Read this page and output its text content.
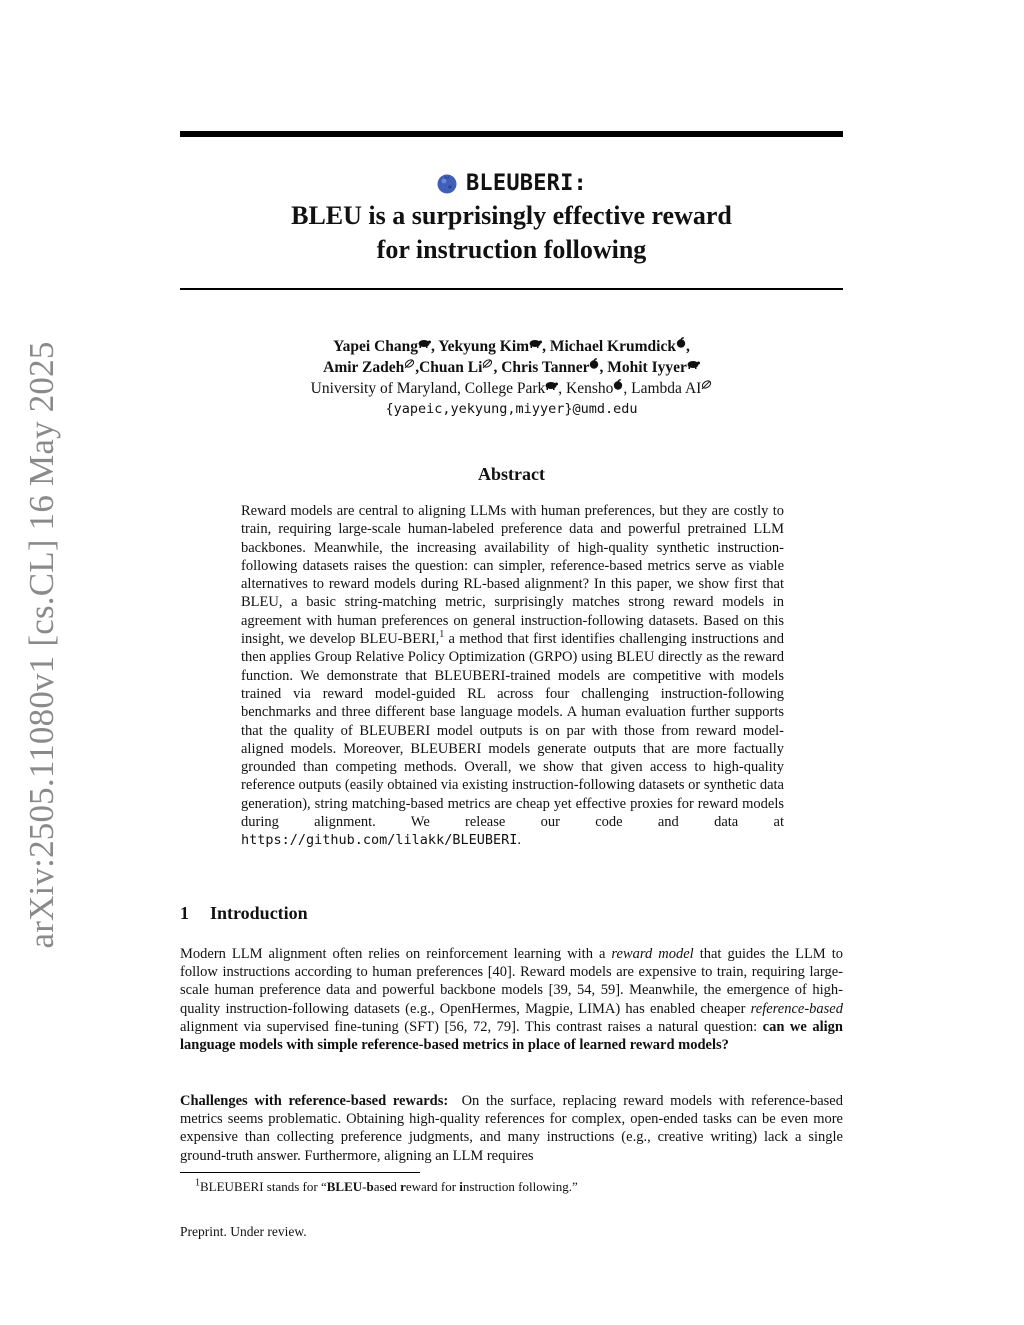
arXiv:2505.11080v1 [cs.CL] 16 May 2025
BLEUBERI:
BLEU is a surprisingly effective reward
for instruction following
Yapei Chang , Yekyung Kim , Michael Krumdick ,
Amir Zadeh ,Chuan Li , Chris Tanner , Mohit Iyyer
University of Maryland, College Park , Kensho , Lambda AI
{yapeic,yekyung,miyyer}@umd.edu
Abstract
Reward models are central to aligning LLMs with human preferences, but they are costly to train, requiring large-scale human-labeled preference data and powerful pretrained LLM backbones. Meanwhile, the increasing availability of high-quality synthetic instruction-following datasets raises the question: can simpler, reference-based metrics serve as viable alternatives to reward models during RL-based alignment? In this paper, we show first that BLEU, a basic string-matching metric, surprisingly matches strong reward models in agreement with human preferences on general instruction-following datasets. Based on this insight, we develop BLEU-BERI,$^1$ a method that first identifies challenging instructions and then applies Group Relative Policy Optimization (GRPO) using BLEU directly as the reward function. We demonstrate that BLEUBERI-trained models are competitive with models trained via reward model-guided RL across four challenging instruction-following benchmarks and three different base language models. A human evaluation further supports that the quality of BLEUBERI model outputs is on par with those from reward model-aligned models. Moreover, BLEUBERI models generate outputs that are more factually grounded than competing methods. Overall, we show that given access to high-quality reference outputs (easily obtained via existing instruction-following datasets or synthetic data generation), string matching-based metrics are cheap yet effective proxies for reward models during alignment. We release our code and data at https://github.com/lilakk/BLEUBERI.
1 Introduction
Modern LLM alignment often relies on reinforcement learning with a reward model that guides the LLM to follow instructions according to human preferences [40]. Reward models are expensive to train, requiring large-scale human preference data and powerful backbone models [39, 54, 59]. Meanwhile, the emergence of high-quality instruction-following datasets (e.g., OpenHermes, Magpie, LIMA) has enabled cheaper reference-based alignment via supervised fine-tuning (SFT) [56, 72, 79]. This contrast raises a natural question: can we align language models with simple reference-based metrics in place of learned reward models?
Challenges with reference-based rewards:  On the surface, replacing reward models with reference-based metrics seems problematic. Obtaining high-quality references for complex, open-ended tasks can be even more expensive than collecting preference judgments, and many instructions (e.g., creative writing) lack a single ground-truth answer. Furthermore, aligning an LLM requires
$^1$BLEUBERI stands for “BLEU-based reward for instruction following.”
Preprint. Under review.
